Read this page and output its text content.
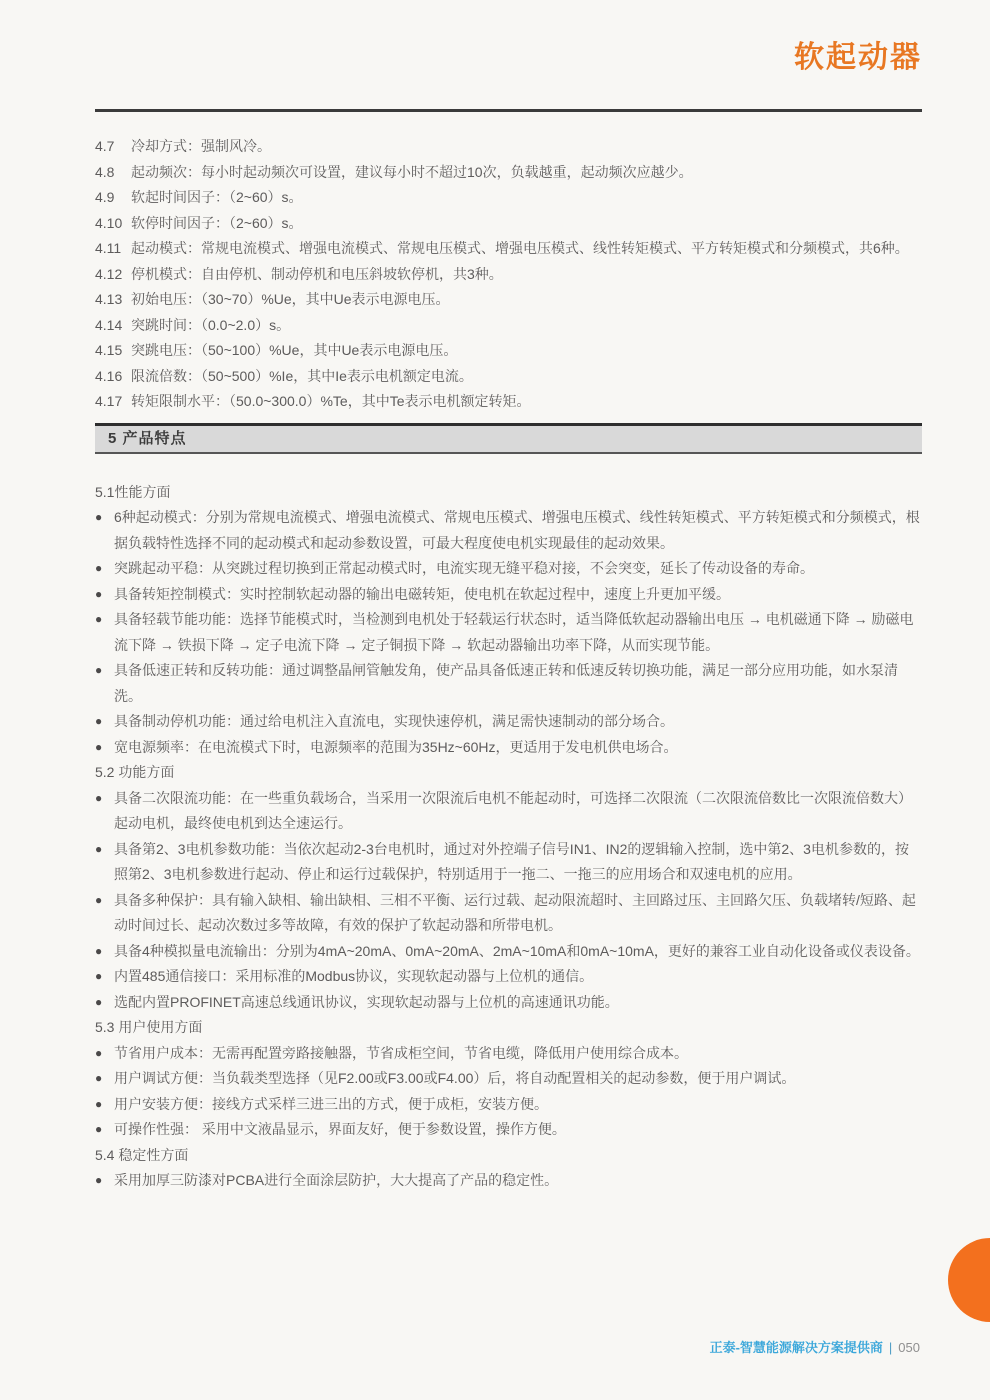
软起动器
4.7 冷却方式：强制风冷。
4.8 起动频次：每小时起动频次可设置，建议每小时不超过10次，负载越重，起动频次应越少。
4.9 软起时间因子：（2~60）s。
4.10 软停时间因子：（2~60）s。
4.11 起动模式：常规电流模式、增强电流模式、常规电压模式、增强电压模式、线性转矩模式、平方转矩模式和分频模式，共6种。
4.12 停机模式：自由停机、制动停机和电压斜坡软停机，共3种。
4.13 初始电压：（30~70）%Ue，其中Ue表示电源电压。
4.14 突跳时间：（0.0~2.0）s。
4.15 突跳电压：（50~100）%Ue，其中Ue表示电源电压。
4.16 限流倍数：（50~500）%Ie，其中Ie表示电机额定电流。
4.17 转矩限制水平：（50.0~300.0）%Te，其中Te表示电机额定转矩。
5 产品特点
5.1性能方面
● 6种起动模式：分别为常规电流模式、增强电流模式、常规电压模式、增强电压模式、线性转矩模式、平方转矩模式和分频模式，根据负载特性选择不同的起动模式和起动参数设置，可最大程度使电机实现最佳的起动效果。
● 突跳起动平稳：从突跳过程切换到正常起动模式时，电流实现无缝平稳对接，不会突变，延长了传动设备的寿命。
● 具备转矩控制模式：实时控制软起动器的输出电磁转矩，使电机在软起过程中，速度上升更加平缓。
● 具备轻载节能功能：选择节能模式时，当检测到电机处于轻载运行状态时，适当降低软起动器输出电压 → 电机磁通下降 → 励磁电流下降 → 铁损下降 → 定子电流下降 → 定子铜损下降 → 软起动器输出功率下降，从而实现节能。
● 具备低速正转和反转功能：通过调整晶闸管触发角，使产品具备低速正转和低速反转切换功能，满足一部分应用功能，如水泵清洗。
● 具备制动停机功能：通过给电机注入直流电，实现快速停机，满足需快速制动的部分场合。
● 宽电源频率：在电流模式下时，电源频率的范围为35Hz~60Hz，更适用于发电机供电场合。
5.2 功能方面
● 具备二次限流功能：在一些重负载场合，当采用一次限流后电机不能起动时，可选择二次限流（二次限流倍数比一次限流倍数大）起动电机，最终使电机到达全速运行。
● 具备第2、3电机参数功能：当依次起动2-3台电机时，通过对外控端子信号IN1、IN2的逻辑输入控制，选中第2、3电机参数的，按照第2、3电机参数进行起动、停止和运行过载保护，特别适用于一拖二、一拖三的应用场合和双速电机的应用。
● 具备多种保护：具有输入缺相、输出缺相、三相不平衡、运行过载、起动限流超时、主回路过压、主回路欠压、负载堵转/短路、起动时间过长、起动次数过多等故障，有效的保护了软起动器和所带电机。
● 具备4种模拟量电流输出：分别为4mA~20mA、0mA~20mA、2mA~10mA和0mA~10mA，更好的兼容工业自动化设备或仪表设备。
● 内置485通信接口：采用标准的Modbus协议，实现软起动器与上位机的通信。
● 选配内置PROFINET高速总线通讯协议，实现软起动器与上位机的高速通讯功能。
5.3 用户使用方面
● 节省用户成本：无需再配置旁路接触器，节省成柜空间，节省电缆，降低用户使用综合成本。
● 用户调试方便：当负载类型选择（见F2.00或F3.00或F4.00）后，将自动配置相关的起动参数，便于用户调试。
● 用户安装方便：接线方式采样三进三出的方式，便于成柜，安装方便。
● 可操作性强： 采用中文液晶显示，界面友好，便于参数设置，操作方便。
5.4 稳定性方面
● 采用加厚三防漆对PCBA进行全面涂层防护，大大提高了产品的稳定性。
正泰-智慧能源解决方案提供商 | 050
